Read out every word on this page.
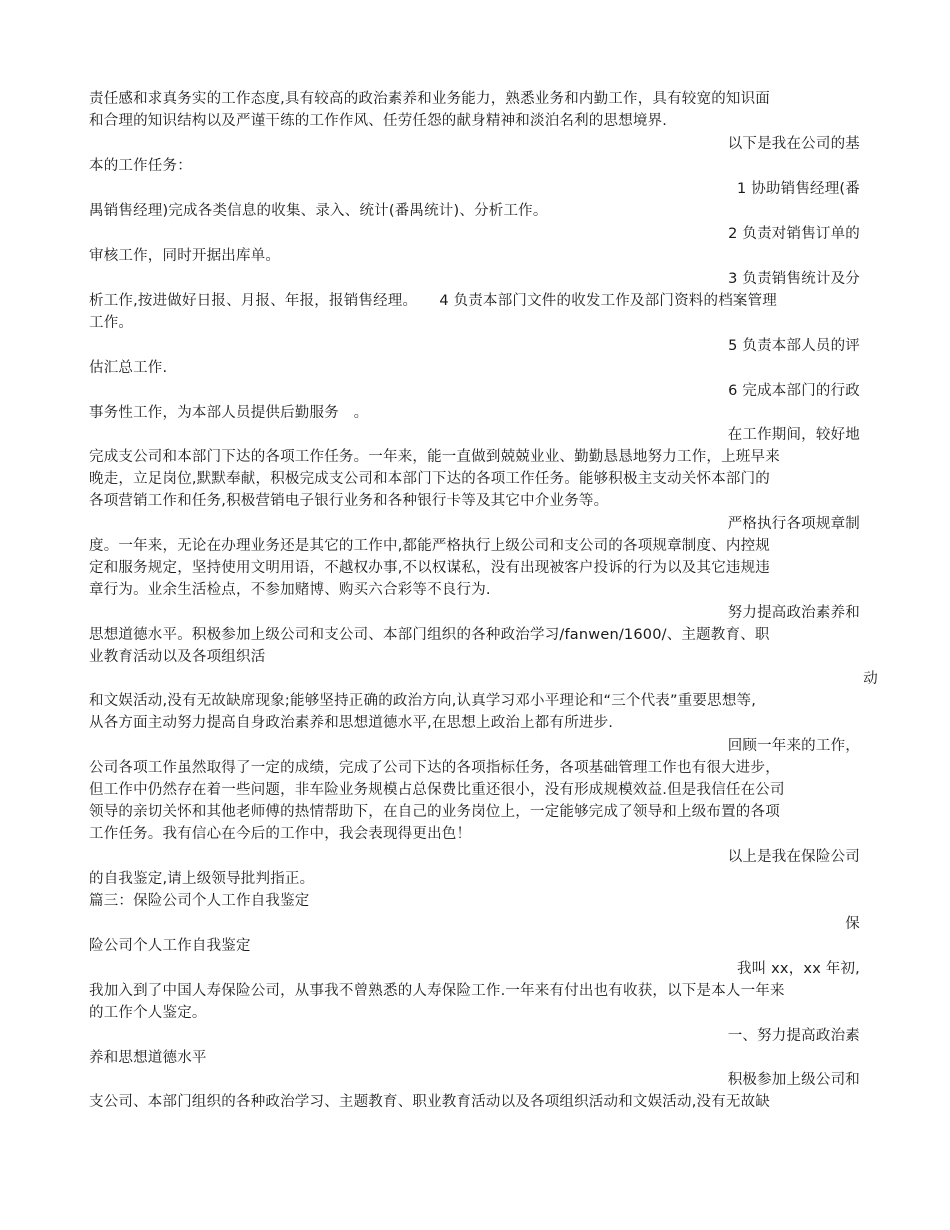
责任感和求真务实的工作态度,具有较高的政治素养和业务能力，熟悉业务和内勤工作，具有较宽的知识面
和合理的知识结构以及严谨干练的工作作风、任劳任怨的献身精神和淡泊名利的思想境界.
以下是我在公司的基
本的工作任务：
1 协助销售经理(番
禺销售经理)完成各类信息的收集、录入、统计(番禺统计)、分析工作。
2 负责对销售订单的
审核工作，同时开据出库单。
3 负责销售统计及分
析工作,按进做好日报、月报、年报，报销售经理。　　4 负责本部门文件的收发工作及部门资料的档案管理
工作。
5 负责本部人员的评
估汇总工作.
6 完成本部门的行政
事务性工作，为本部人员提供后勤服务　。
在工作期间，较好地
完成支公司和本部门下达的各项工作任务。一年来，能一直做到兢兢业业、勤勤恳恳地努力工作，上班早来
晚走，立足岗位,默默奉献，积极完成支公司和本部门下达的各项工作任务。能够积极主支动关怀本部门的
各项营销工作和任务,积极营销电子银行业务和各种银行卡等及其它中介业务等。
严格执行各项规章制
度。一年来，无论在办理业务还是其它的工作中,都能严格执行上级公司和支公司的各项规章制度、内控规
定和服务规定，坚持使用文明用语，不越权办事,不以权谋私，没有出现被客户投诉的行为以及其它违规违
章行为。业余生活检点，不参加赌博、购买六合彩等不良行为.
努力提高政治素养和
思想道德水平。积极参加上级公司和支公司、本部门组织的各种政治学习/fanwen/1600/、主题教育、职
业教育活动以及各项组织活
动
和文娱活动,没有无故缺席现象;能够坚持正确的政治方向,认真学习邓小平理论和“三个代表”重要思想等,
从各方面主动努力提高自身政治素养和思想道德水平,在思想上政治上都有所进步.
回顾一年来的工作，
公司各项工作虽然取得了一定的成绩，完成了公司下达的各项指标任务，各项基础管理工作也有很大进步，
但工作中仍然存在着一些问题，非车险业务规模占总保费比重还很小，没有形成规模效益.但是我信任在公司
领导的亲切关怀和其他老师傅的热情帮助下，在自己的业务岗位上，一定能够完成了领导和上级布置的各项
工作任务。我有信心在今后的工作中，我会表现得更出色！
以上是我在保险公司
的自我鉴定,请上级领导批判指正。
篇三：保险公司个人工作自我鉴定
保
险公司个人工作自我鉴定
我叫 xx，xx 年初,
我加入到了中国人寿保险公司，从事我不曾熟悉的人寿保险工作.一年来有付出也有收获，以下是本人一年来
的工作个人鉴定。
一、努力提高政治素
养和思想道德水平
积极参加上级公司和
支公司、本部门组织的各种政治学习、主题教育、职业教育活动以及各项组织活动和文娱活动,没有无故缺
